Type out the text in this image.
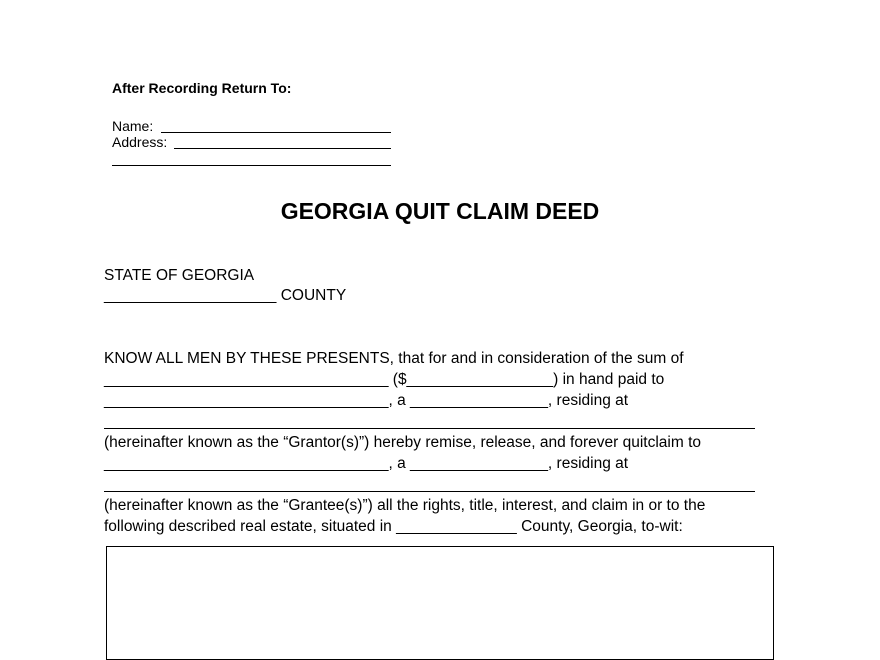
After Recording Return To:
Name:
Address:
GEORGIA QUIT CLAIM DEED
STATE OF GEORGIA
____________________ COUNTY
KNOW ALL MEN BY THESE PRESENTS, that for and in consideration of the sum of
_________________________________ ($_________________) in hand paid to
_________________________________, a ________________, residing at
(hereinafter known as the “Grantor(s)”) hereby remise, release, and forever quitclaim to
_________________________________, a ________________, residing at
(hereinafter known as the “Grantee(s)”) all the rights, title, interest, and claim in or to the
following described real estate, situated in ______________ County, Georgia, to-wit:
